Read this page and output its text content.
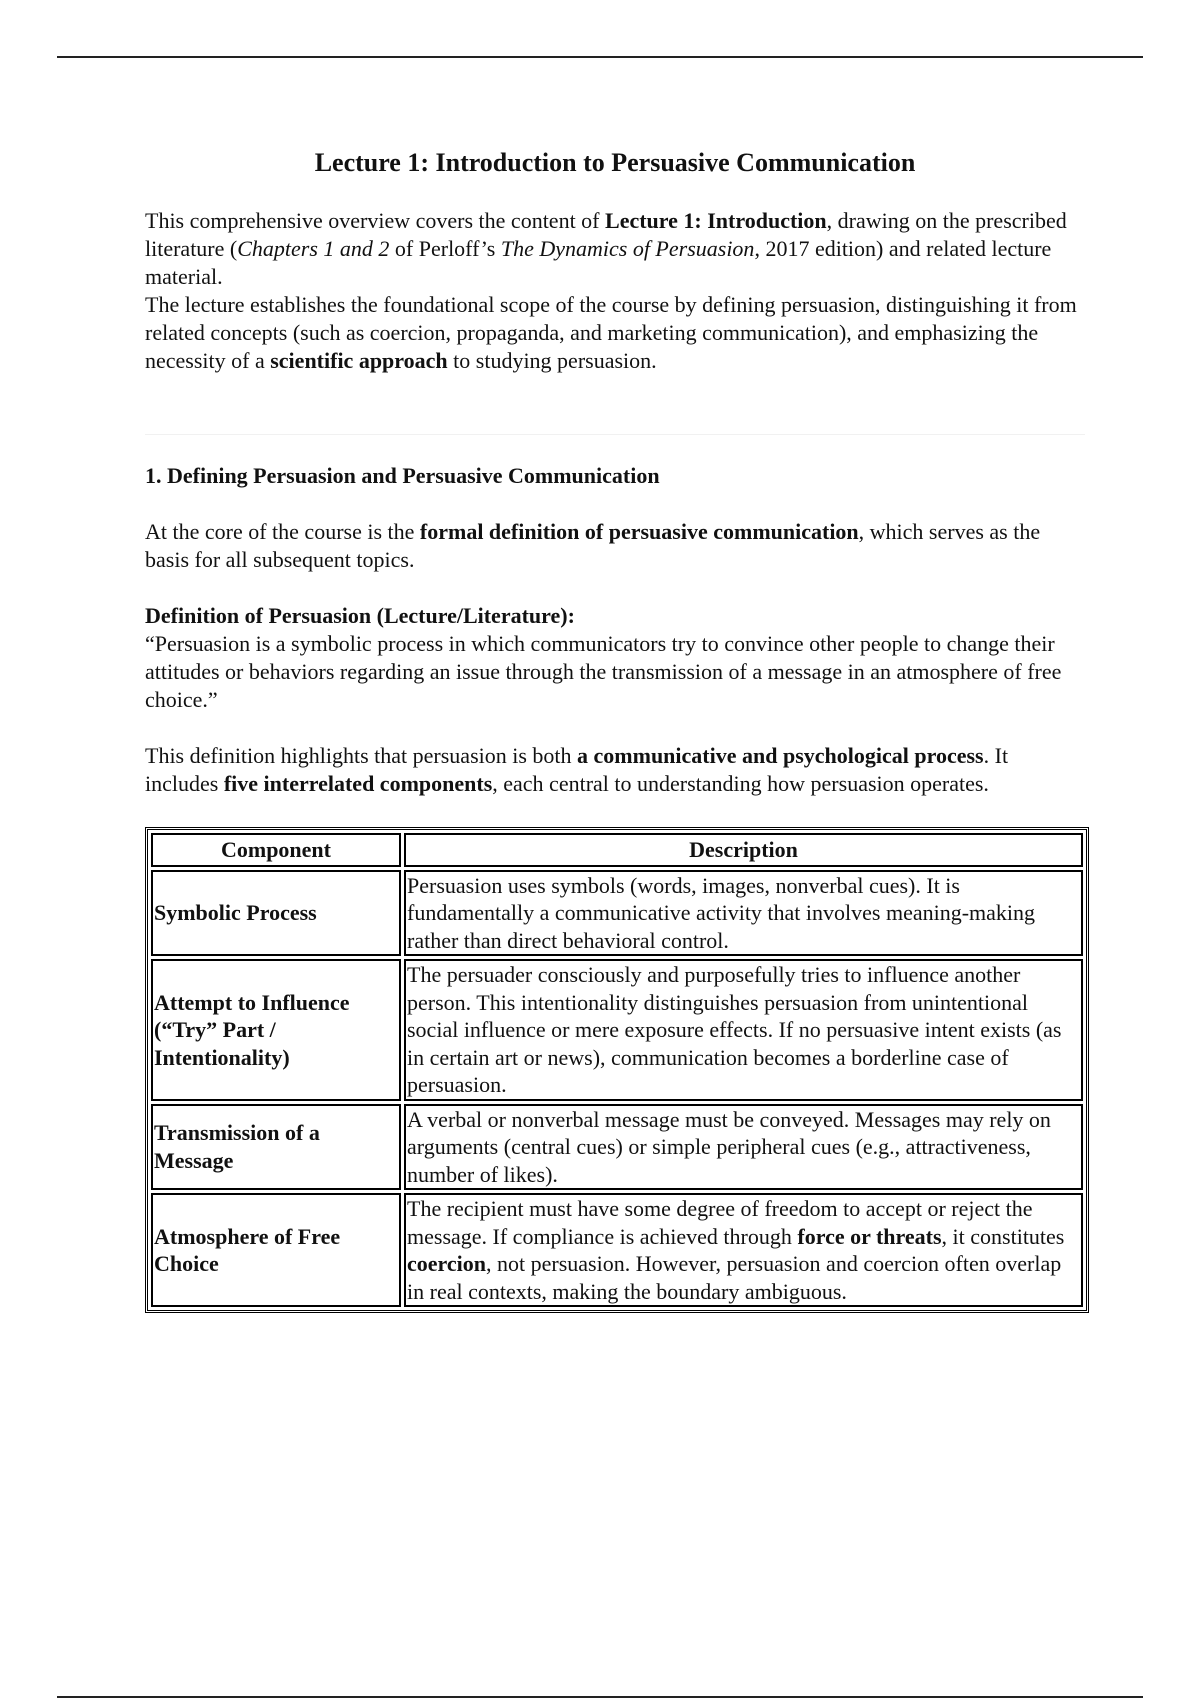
Lecture 1: Introduction to Persuasive Communication

This comprehensive overview covers the content of Lecture 1: Introduction, drawing on the prescribed literature (Chapters 1 and 2 of Perloff’s The Dynamics of Persuasion, 2017 edition) and related lecture material.

The lecture establishes the foundational scope of the course by defining persuasion, distinguishing it from related concepts (such as coercion, propaganda, and marketing communication), and emphasizing the necessity of a scientific approach to studying persuasion.

1. Defining Persuasion and Persuasive Communication

At the core of the course is the formal definition of persuasive communication, which serves as the basis for all subsequent topics.

Definition of Persuasion (Lecture/Literature):
“Persuasion is a symbolic process in which communicators try to convince other people to change their attitudes or behaviors regarding an issue through the transmission of a message in an atmosphere of free choice.”

This definition highlights that persuasion is both a communicative and psychological process. It includes five interrelated components, each central to understanding how persuasion operates.

Component	Description
Symbolic Process	Persuasion uses symbols (words, images, nonverbal cues). It is fundamentally a communicative activity that involves meaning-making rather than direct behavioral control.
Attempt to Influence (“Try” Part / Intentionality)	The persuader consciously and purposefully tries to influence another person. This intentionality distinguishes persuasion from unintentional social influence or mere exposure effects. If no persuasive intent exists (as in certain art or news), communication becomes a borderline case of persuasion.
Transmission of a Message	A verbal or nonverbal message must be conveyed. Messages may rely on arguments (central cues) or simple peripheral cues (e.g., attractiveness, number of likes).
Atmosphere of Free Choice	The recipient must have some degree of freedom to accept or reject the message. If compliance is achieved through force or threats, it constitutes coercion, not persuasion. However, persuasion and coercion often overlap in real contexts, making the boundary ambiguous.
